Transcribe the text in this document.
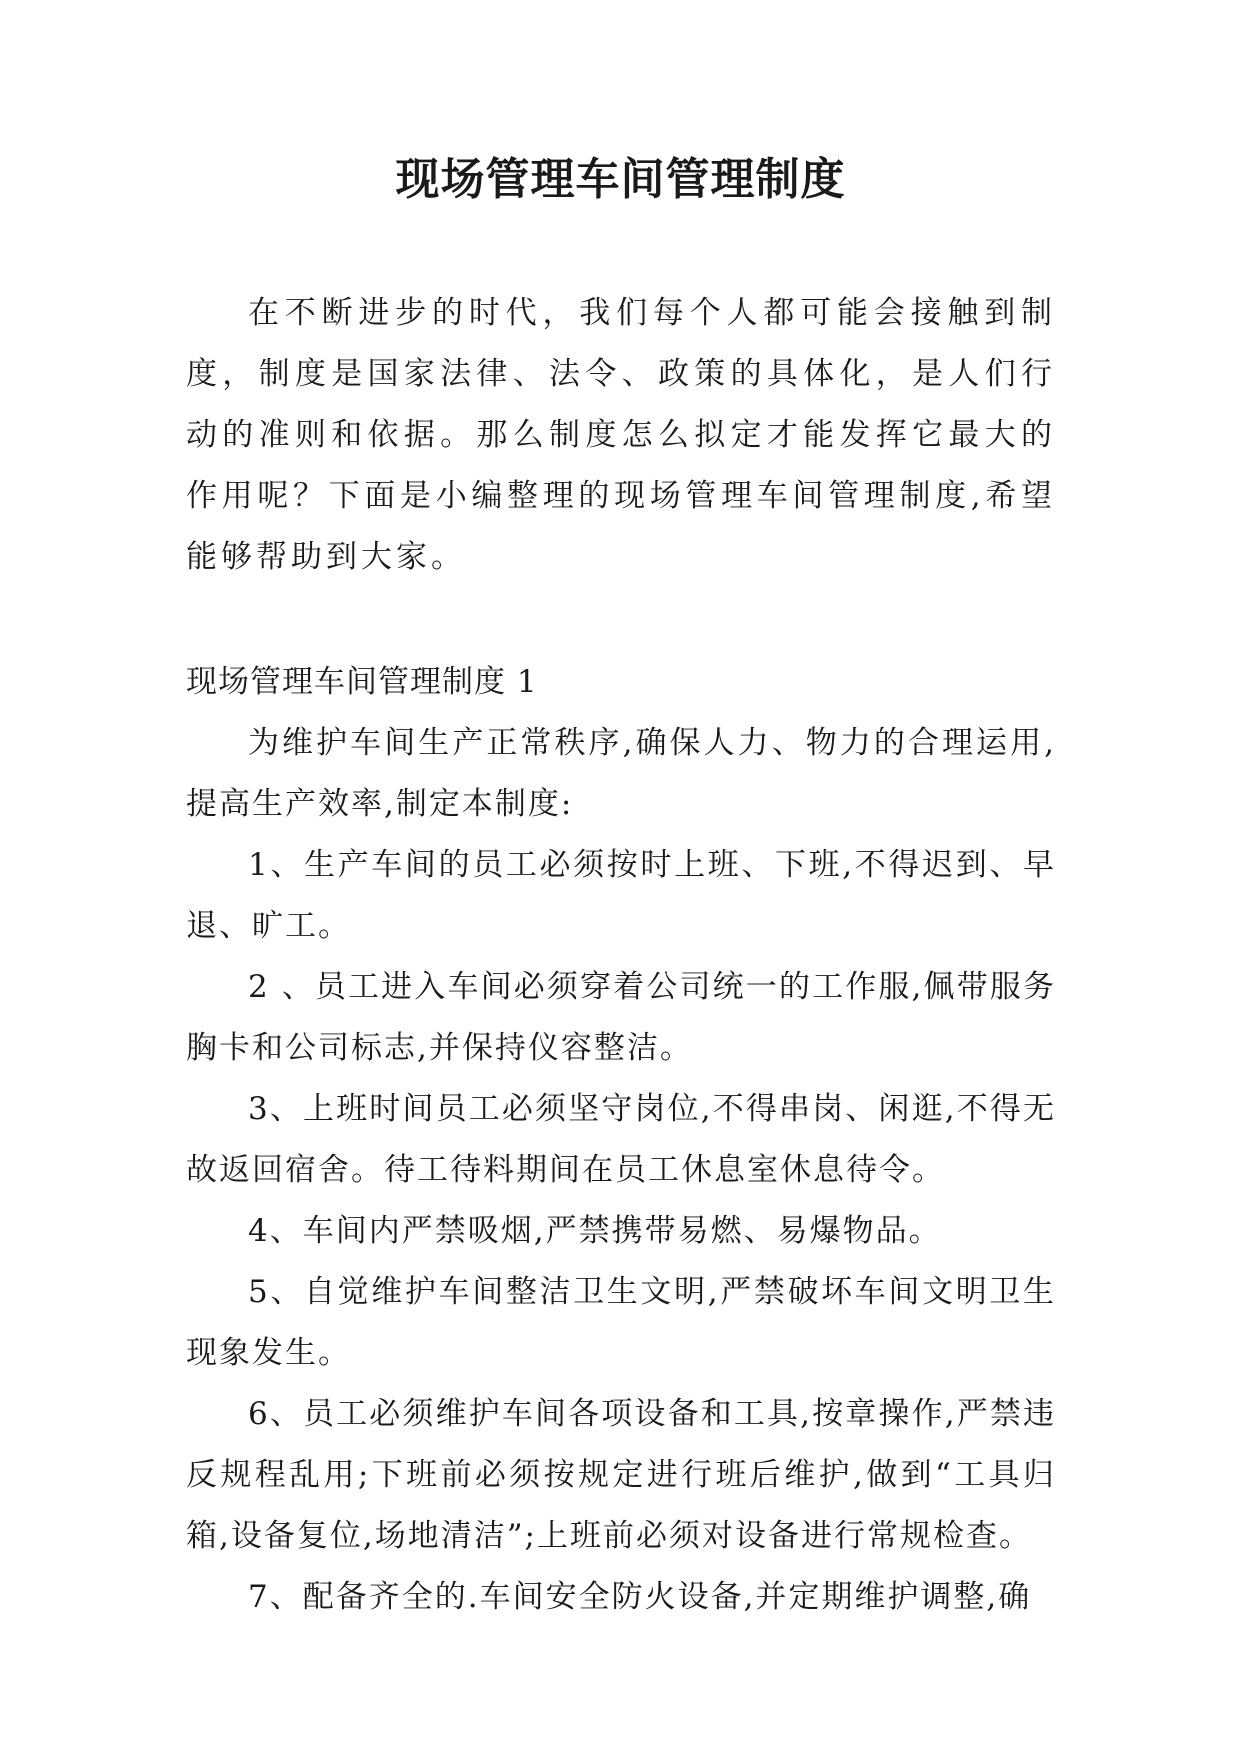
现场管理车间管理制度

在不断进步的时代，我们每个人都可能会接触到制度，制度是国家法律、法令、政策的具体化，是人们行动的准则和依据。那么制度怎么拟定才能发挥它最大的作用呢？下面是小编整理的现场管理车间管理制度,希望能够帮助到大家。

现场管理车间管理制度 1

为维护车间生产正常秩序,确保人力、物力的合理运用,提高生产效率,制定本制度:

1、生产车间的员工必须按时上班、下班,不得迟到、早退、旷工。

2 、员工进入车间必须穿着公司统一的工作服,佩带服务胸卡和公司标志,并保持仪容整洁。

3、上班时间员工必须坚守岗位,不得串岗、闲逛,不得无故返回宿舍。待工待料期间在员工休息室休息待令。

4、车间内严禁吸烟,严禁携带易燃、易爆物品。

5、自觉维护车间整洁卫生文明,严禁破坏车间文明卫生现象发生。

6、员工必须维护车间各项设备和工具,按章操作,严禁违反规程乱用;下班前必须按规定进行班后维护,做到“工具归箱,设备复位,场地清洁”;上班前必须对设备进行常规检查。

7、配备齐全的.车间安全防火设备,并定期维护调整,确
